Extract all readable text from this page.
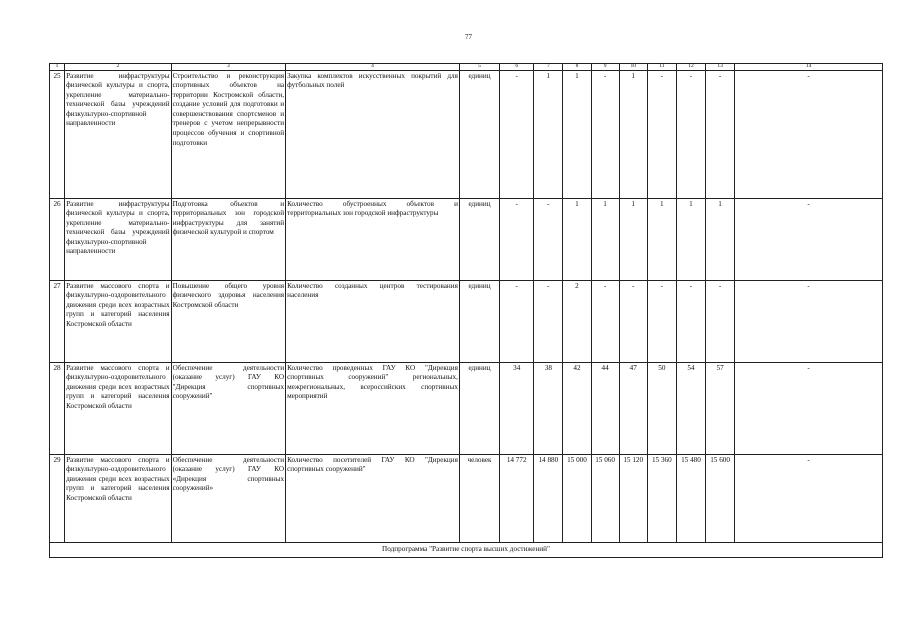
77
1	2	3	4	5	6	7	8	9	10	11	12	13	14
25	Развитие инфраструктуры физической культуры и спорта, укрепление материально-технической базы учреждений физкультурно-спортивной направленности	Строительство и реконструкция спортивных объектов на территории Костромской области, создание условий для подготовки и совершенствования спортсменов и тренеров с учетом непрерывности процессов обучения и спортивной подготовки	Закупка комплектов искусственных покрытий для футбольных полей	единиц	-	1	1	-	1	-	-	-	-
26	Развитие инфраструктуры физической культуры и спорта, укрепление материально-технической базы учреждений физкультурно-спортивной направленности	Подготовка объектов и территориальных зон городской инфраструктуры для занятий физической культурой и спортом	Количество обустроенных объектов и территориальных зон городской инфраструктуры	единиц	-	-	1	1	1	1	1	1	-
27	Развитие массового спорта и физкультурно-оздоровительного движения среди всех возрастных групп и категорий населения Костромской области	Повышение общего уровня физического здоровья населения Костромской области	Количество созданных центров тестирования населения	единиц	-	-	2	-	-	-	-	-	-
28	Развитие массового спорта и физкультурно-оздоровительного движения среди всех возрастных групп и категорий населения Костромской области	Обеспечение деятельности (оказание услуг) ГАУ КО "Дирекция спортивных сооружений"	Количество проведенных ГАУ КО "Дирекция спортивных сооружений" региональных, межрегиональных, всероссийских спортивных мероприятий	единиц	34	38	42	44	47	50	54	57	-
29	Развитие массового спорта и физкультурно-оздоровительного движения среди всех возрастных групп и категорий населения Костромской области	Обеспечение деятельности (оказание услуг) ГАУ КО «Дирекция спортивных сооружений»	Количество посетителей ГАУ КО "Дирекция спортивных сооружений"	человек	14 772	14 880	15 000	15 060	15 120	15 360	15 480	15 600	-
Подпрограмма "Развитие спорта высших достижений"													
